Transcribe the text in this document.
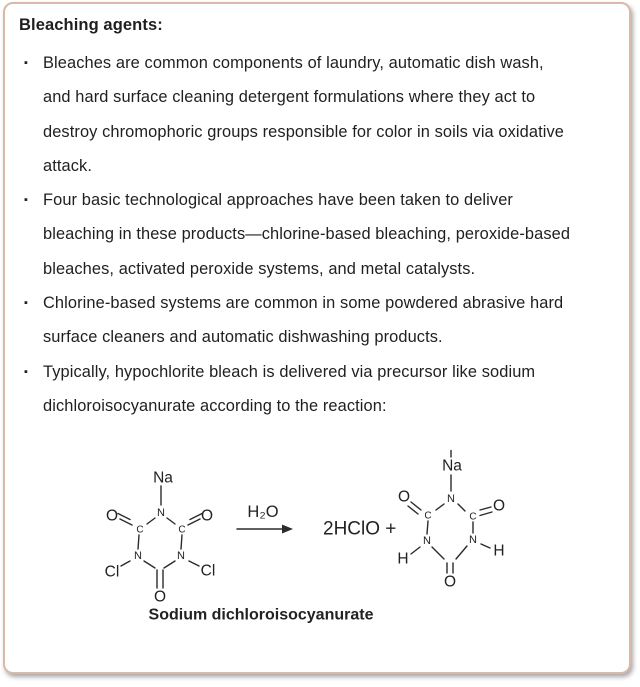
Bleaching agents:
▪ Bleaches are common components of laundry, automatic dish wash,
and hard surface cleaning detergent formulations where they act to
destroy chromophoric groups responsible for color in soils via oxidative
attack.
▪ Four basic technological approaches have been taken to deliver
bleaching in these products—chlorine-based bleaching, peroxide-based
bleaches, activated peroxide systems, and metal catalysts.
▪ Chlorine-based systems are common in some powdered abrasive hard
surface cleaners and automatic dishwashing products.
▪ Typically, hypochlorite bleach is delivered via precursor like sodium
dichloroisocyanurate according to the reaction:
Na
N
C	C
O	O
N	N
Cl	Cl
O
H₂O
2HClO +
Na
N
C	C
O
O
N	N
H	H
O
Sodium dichloroisocyanurate
